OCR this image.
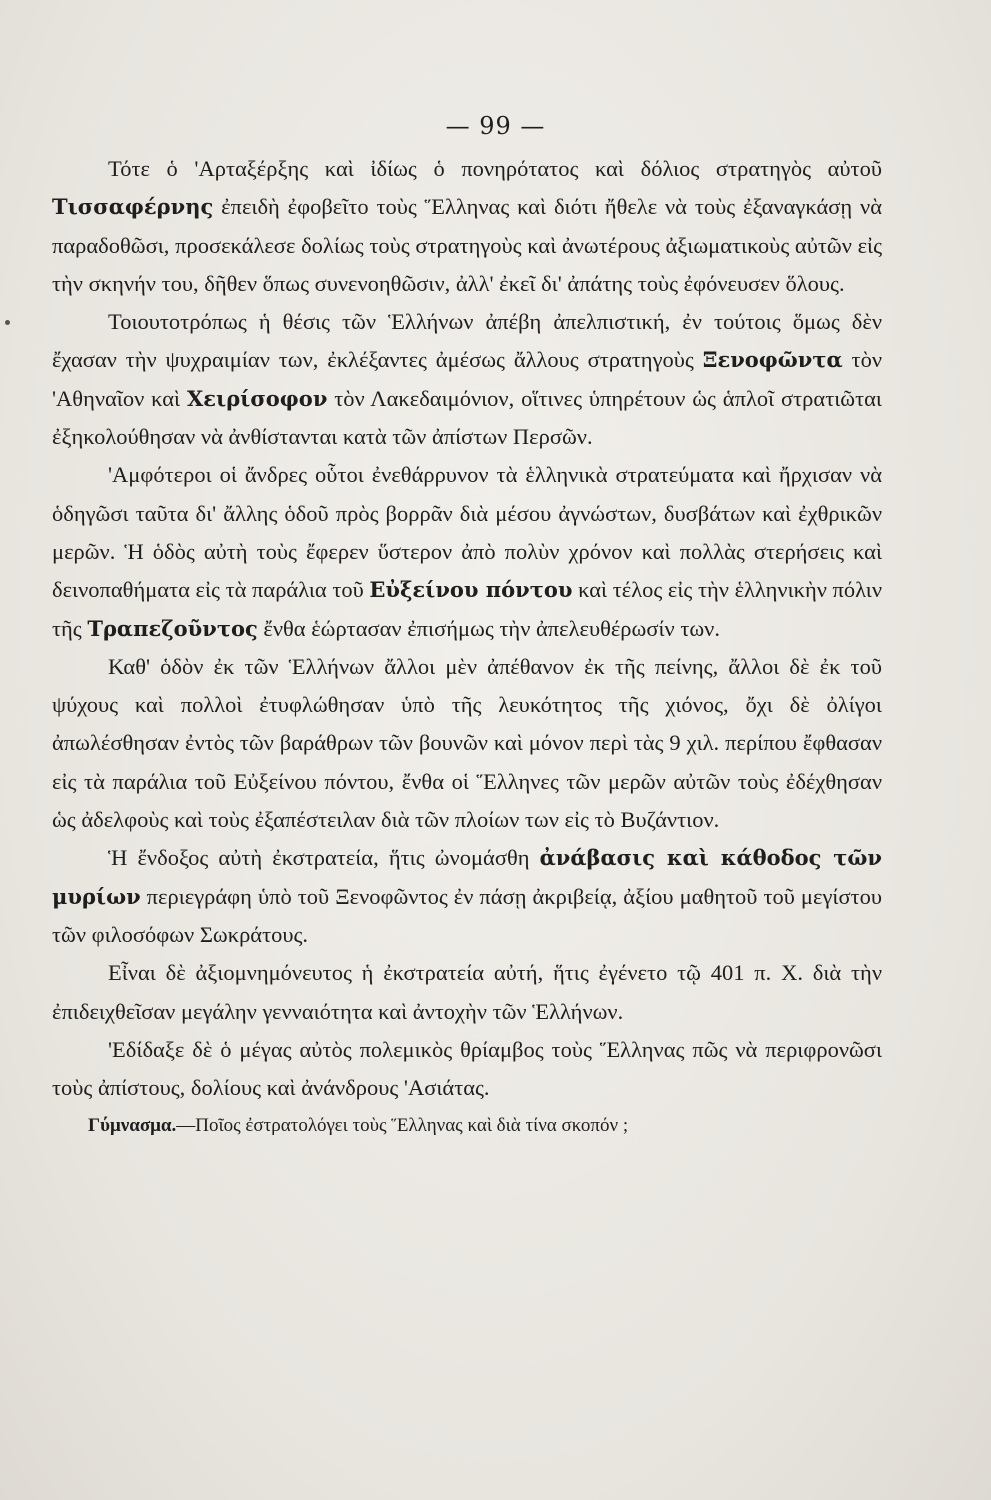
— 99 —

Τότε ὁ 'Αρταξέρξης καὶ ἰδίως ὁ πονηρότατος καὶ δόλιος στρατηγὸς αὐτοῦ Τισσαφέρνης ἐπειδὴ ἐφοβεῖτο τοὺς Ἕλληνας καὶ διότι ἤθελε νὰ τοὺς ἐξαναγκάσῃ νὰ παραδοθῶσι, προσεκάλεσε δολίως τοὺς στρατηγοὺς καὶ ἀνωτέρους ἀξιωματικοὺς αὐτῶν εἰς τὴν σκηνήν του, δῆθεν ὅπως συνενοηθῶσιν, ἀλλ' ἐκεῖ δι' ἀπάτης τοὺς ἐφόνευσεν ὅλους.

Τοιουτοτρόπως ἡ θέσις τῶν Ἑλλήνων ἀπέβη ἀπελπιστική, ἐν τούτοις ὅμως δὲν ἔχασαν τὴν ψυχραιμίαν των, ἐκλέξαντες ἀμέσως ἄλλους στρατηγοὺς Ξενοφῶντα τὸν 'Αθηναῖον καὶ Χειρίσοφον τὸν Λακεδαιμόνιον, οἵτινες ὑπηρέτουν ὡς ἁπλοῖ στρατιῶται ἐξηκολούθησαν νὰ ἀνθίστανται κατὰ τῶν ἀπίστων Περσῶν.

'Αμφότεροι οἱ ἄνδρες οὗτοι ἐνεθάρρυνον τὰ ἑλληνικὰ στρατεύματα καὶ ἤρχισαν νὰ ὁδηγῶσι ταῦτα δι' ἄλλης ὁδοῦ πρὸς βορρᾶν διὰ μέσου ἀγνώστων, δυσβάτων καὶ ἐχθρικῶν μερῶν. Ἡ ὁδὸς αὐτὴ τοὺς ἔφερεν ὕστερον ἀπὸ πολὺν χρόνον καὶ πολλὰς στερήσεις καὶ δεινοπαθήματα εἰς τὰ παράλια τοῦ Εὐξείνου πόντου καὶ τέλος εἰς τὴν ἑλληνικὴν πόλιν τῆς Τραπεζοῦντος ἔνθα ἑώρτασαν ἐπισήμως τὴν ἀπελευθέρωσίν των.

Καθ' ὁδὸν ἐκ τῶν Ἑλλήνων ἄλλοι μὲν ἀπέθανον ἐκ τῆς πείνης, ἄλλοι δὲ ἐκ τοῦ ψύχους καὶ πολλοὶ ἐτυφλώθησαν ὑπὸ τῆς λευκότητος τῆς χιόνος, ὄχι δὲ ὀλίγοι ἀπωλέσθησαν ἐντὸς τῶν βαράθρων τῶν βουνῶν καὶ μόνον περὶ τὰς 9 χιλ. περίπου ἔφθασαν εἰς τὰ παράλια τοῦ Εὐξείνου πόντου, ἔνθα οἱ Ἕλληνες τῶν μερῶν αὐτῶν τοὺς ἐδέχθησαν ὡς ἀδελφοὺς καὶ τοὺς ἐξαπέστειλαν διὰ τῶν πλοίων των εἰς τὸ Βυζάντιον.

Ἡ ἔνδοξος αὐτὴ ἐκστρατεία, ἥτις ὠνομάσθη ἀνάβασις καὶ κάθοδος τῶν μυρίων περιεγράφη ὑπὸ τοῦ Ξενοφῶντος ἐν πάσῃ ἀκριβείᾳ, ἀξίου μαθητοῦ τοῦ μεγίστου τῶν φιλοσόφων Σωκράτους.

Εἶναι δὲ ἀξιομνημόνευτος ἡ ἐκστρατεία αὐτή, ἥτις ἐγένετο τῷ 401 π. Χ. διὰ τὴν ἐπιδειχθεῖσαν μεγάλην γενναιότητα καὶ ἀντοχὴν τῶν Ἑλλήνων.

'Εδίδαξε δὲ ὁ μέγας αὐτὸς πολεμικὸς θρίαμβος τοὺς Ἕλληνας πῶς νὰ περιφρονῶσι τοὺς ἀπίστους, δολίους καὶ ἀνάνδρους 'Ασιάτας.

Γύμνασμα.—Ποῖος ἐστρατολόγει τοὺς Ἕλληνας καὶ διὰ τίνα σκοπόν ;
